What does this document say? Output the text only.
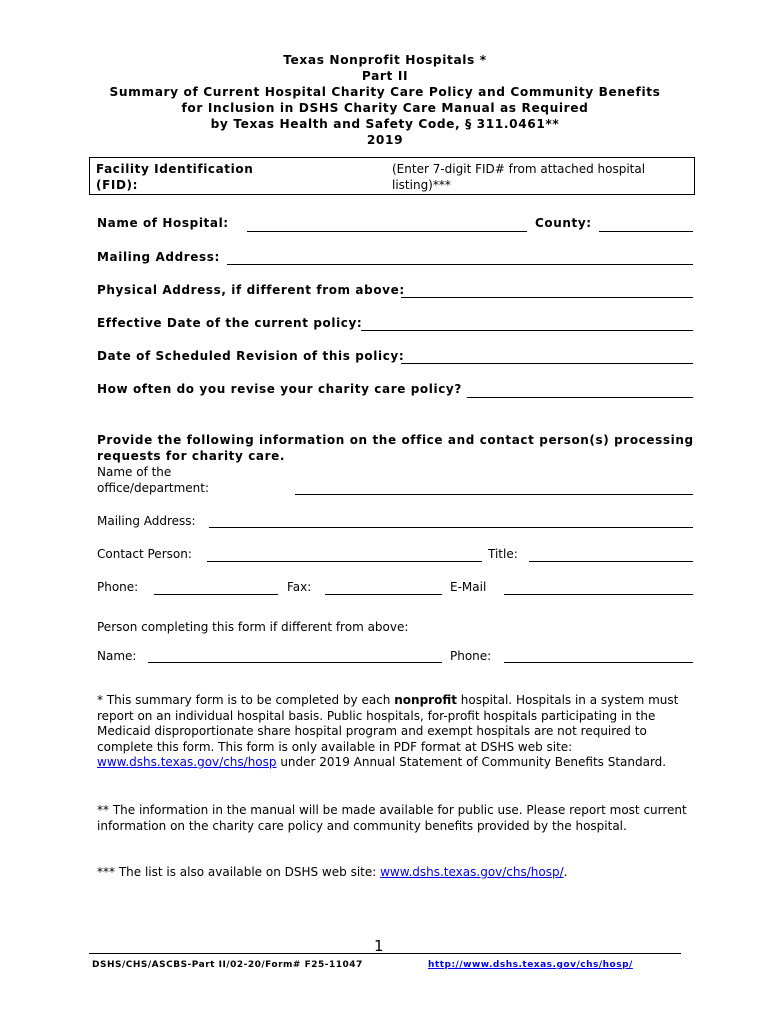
Texas Nonprofit Hospitals *
Part II
Summary of Current Hospital Charity Care Policy and Community Benefits
for Inclusion in DSHS Charity Care Manual as Required
by Texas Health and Safety Code, § 311.0461**
2019
Facility Identification
(FID):
(Enter 7-digit FID# from attached hospital
listing)***
Name of Hospital:	County:
Mailing Address:
Physical Address, if different from above:
Effective Date of the current policy:
Date of Scheduled Revision of this policy:
How often do you revise your charity care policy?
Provide the following information on the office and contact person(s) processing
requests for charity care.
Name of the
office/department:
Mailing Address:
Contact Person:	Title:
Phone:	Fax:	E-Mail
Person completing this form if different from above:
Name:	Phone:
* This summary form is to be completed by each nonprofit hospital. Hospitals in a system must report on an individual hospital basis. Public hospitals, for-profit hospitals participating in the Medicaid disproportionate share hospital program and exempt hospitals are not required to complete this form. This form is only available in PDF format at DSHS web site: www.dshs.texas.gov/chs/hosp under 2019 Annual Statement of Community Benefits Standard.
** The information in the manual will be made available for public use. Please report most current information on the charity care policy and community benefits provided by the hospital.
*** The list is also available on DSHS web site: www.dshs.texas.gov/chs/hosp/.
1
DSHS/CHS/ASCBS-Part II/02-20/Form# F25-11047	http://www.dshs.texas.gov/chs/hosp/
